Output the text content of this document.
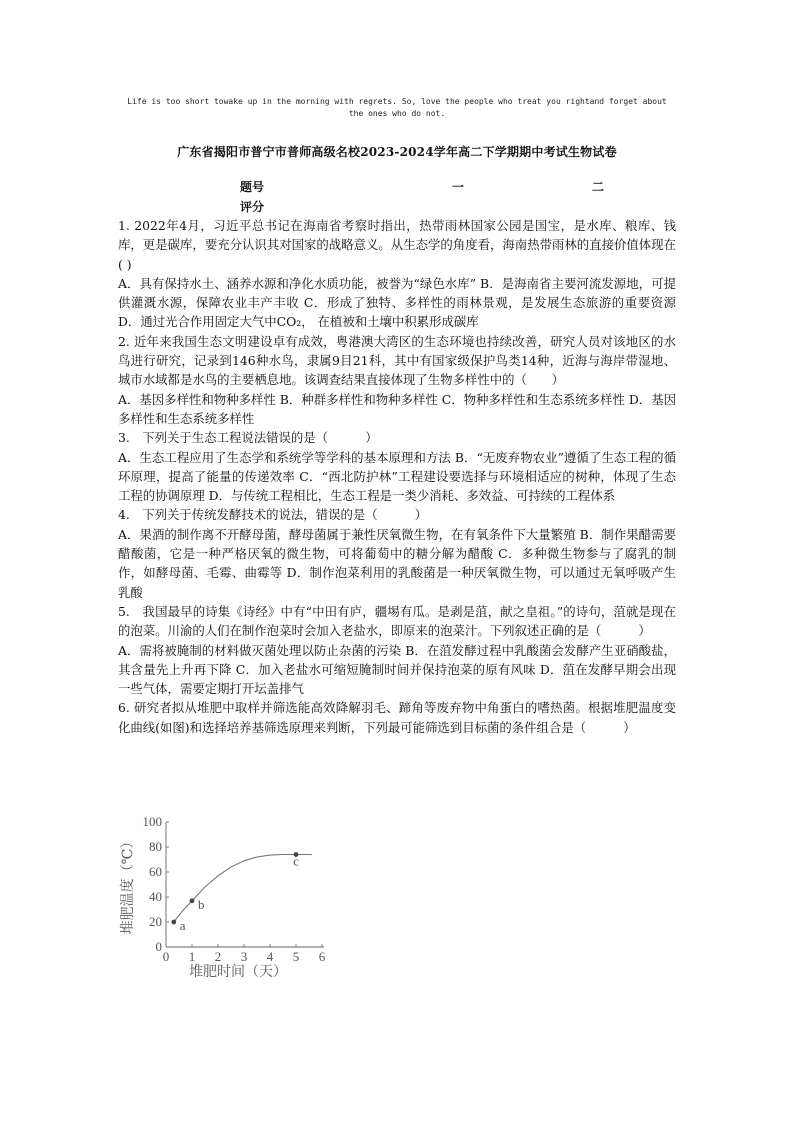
Life is too short towake up in the morning with regrets. So, love the people who treat you rightand forget about the ones who do not.
广东省揭阳市普宁市普师高级名校2023-2024学年高二下学期期中考试生物试卷
题号	一	二
评分

1. 2022年4月，习近平总书记在海南省考察时指出，热带雨林国家公园是国宝，是水库、粮库、钱库，更是碳库，要充分认识其对国家的战略意义。从生态学的角度看，海南热带雨林的直接价值体现在( )

A．具有保持水土、涵养水源和净化水质功能，被誉为“绿色水库” B．是海南省主要河流发源地，可提供灌溉水源，保障农业丰产丰收 C．形成了独特、多样性的雨林景观，是发展生态旅游的重要资源 D．通过光合作用固定大气中CO₂， 在植被和土壤中积累形成碳库

2. 近年来我国生态文明建设卓有成效，粤港澳大湾区的生态环境也持续改善，研究人员对该地区的水鸟进行研究，记录到146种水鸟，隶属9目21科，其中有国家级保护鸟类14种，近海与海岸带湿地、城市水域都是水鸟的主要栖息地。该调查结果直接体现了生物多样性中的（　　）

A．基因多样性和物种多样性 B．种群多样性和物种多样性 C．物种多样性和生态系统多样性 D．基因多样性和生态系统多样性

3.　下列关于生态工程说法错误的是（　　　）

A．生态工程应用了生态学和系统学等学科的基本原理和方法 B．“无废弃物农业”遵循了生态工程的循环原理，提高了能量的传递效率 C．“西北防护林”工程建设要选择与环境相适应的树种，体现了生态工程的协调原理 D．与传统工程相比，生态工程是一类少消耗、多效益、可持续的工程体系

4.　下列关于传统发酵技术的说法，错误的是（　　　）

A．果酒的制作离不开酵母菌，酵母菌属于兼性厌氧微生物，在有氧条件下大量繁殖 B．制作果醋需要醋酸菌，它是一种严格厌氧的微生物，可将葡萄中的糖分解为醋酸 C．多种微生物参与了腐乳的制作，如酵母菌、毛霉、曲霉等 D．制作泡菜利用的乳酸菌是一种厌氧微生物，可以通过无氧呼吸产生乳酸

5.　我国最早的诗集《诗经》中有“中田有庐，疆埸有瓜。是剥是菹，献之皇祖。”的诗句，菹就是现在的泡菜。川渝的人们在制作泡菜时会加入老盐水，即原来的泡菜汁。下列叙述正确的是（　　　）

A．需将被腌制的材料做灭菌处理以防止杂菌的污染 B．在菹发酵过程中乳酸菌会发酵产生亚硝酸盐，其含量先上升再下降 C．加入老盐水可缩短腌制时间并保持泡菜的原有风味 D．菹在发酵早期会出现一些气体，需要定期打开坛盖排气

6. 研究者拟从堆肥中取样并筛选能高效降解羽毛、蹄角等废弃物中角蛋白的嗜热菌。根据堆肥温度变化曲线(如图)和选择培养基筛选原理来判断，下列最可能筛选到目标菌的条件组合是（　　　）

0
20
40
60
80
100
0 1 2 3 4 5 6
堆肥时间（天）
堆肥温度（℃）	a
b
c
